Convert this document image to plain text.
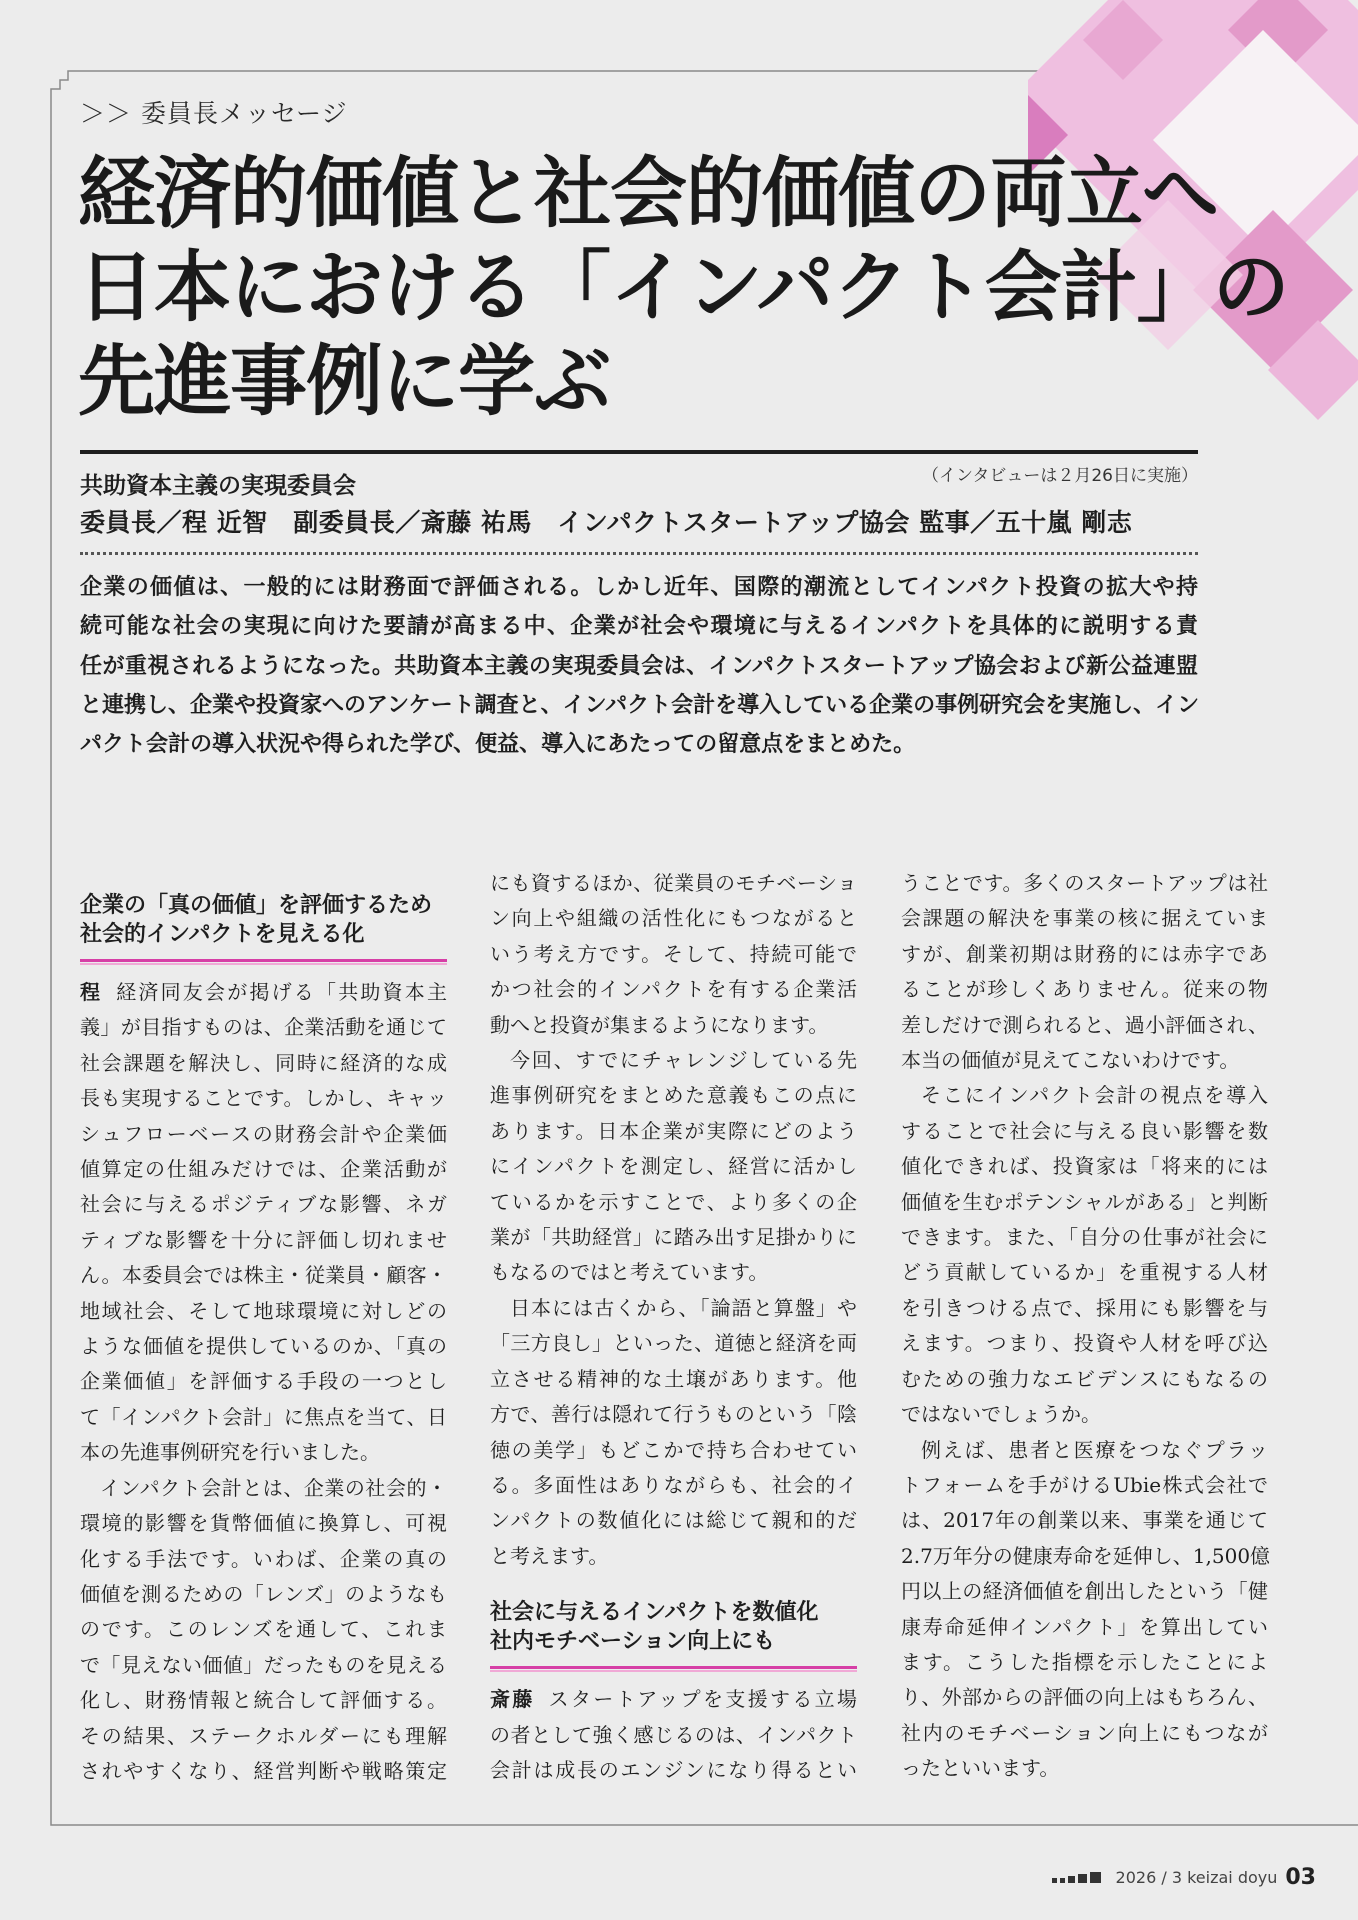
＞＞ 委員長メッセージ
経済的価値と社会的価値の両立へ
日本における「インパクト会計」の
先進事例に学ぶ
共助資本主義の実現委員会	（インタビューは２月26日に実施）
委員長／程 近智　副委員長／斎藤 祐馬　インパクトスタートアップ協会 監事／五十嵐 剛志
企業の価値は、一般的には財務面で評価される。しかし近年、国際的潮流としてインパクト投資の拡大や持
続可能な社会の実現に向けた要請が高まる中、企業が社会や環境に与えるインパクトを具体的に説明する責
任が重視されるようになった。共助資本主義の実現委員会は、インパクトスタートアップ協会および新公益連盟
と連携し、企業や投資家へのアンケート調査と、インパクト会計を導入している企業の事例研究会を実施し、イン
パクト会計の導入状況や得られた学び、便益、導入にあたっての留意点をまとめた。
企業の「真の価値」を評価するため
社会的インパクトを見える化
程 経済同友会が掲げる「共助資本主
義」が目指すものは、企業活動を通じて
社会課題を解決し、同時に経済的な成
長も実現することです。しかし、キャッ
シュフローベースの財務会計や企業価
値算定の仕組みだけでは、企業活動が
社会に与えるポジティブな影響、ネガ
ティブな影響を十分に評価し切れませ
ん。本委員会では株主・従業員・顧客・
地域社会、そして地球環境に対しどの
ような価値を提供しているのか、「真の
企業価値」を評価する手段の一つとし
て「インパクト会計」に焦点を当て、日
本の先進事例研究を行いました。
インパクト会計とは、企業の社会的・
環境的影響を貨幣価値に換算し、可視
化する手法です。いわば、企業の真の
価値を測るための「レンズ」のようなも
のです。このレンズを通して、これま
で「見えない価値」だったものを見える
化し、財務情報と統合して評価する。
その結果、ステークホルダーにも理解
されやすくなり、経営判断や戦略策定
にも資するほか、従業員のモチベーショ
ン向上や組織の活性化にもつながると
いう考え方です。そして、持続可能で
かつ社会的インパクトを有する企業活
動へと投資が集まるようになります。
今回、すでにチャレンジしている先
進事例研究をまとめた意義もこの点に
あります。日本企業が実際にどのよう
にインパクトを測定し、経営に活かし
ているかを示すことで、より多くの企
業が「共助経営」に踏み出す足掛かりに
もなるのではと考えています。
日本には古くから、「論語と算盤」や
「三方良し」といった、道徳と経済を両
立させる精神的な土壌があります。他
方で、善行は隠れて行うものという「陰
徳の美学」もどこかで持ち合わせてい
る。多面性はありながらも、社会的イ
ンパクトの数値化には総じて親和的だ
と考えます。
社会に与えるインパクトを数値化
社内モチベーション向上にも
斎藤 スタートアップを支援する立場
の者として強く感じるのは、インパクト
会計は成長のエンジンになり得るとい
うことです。多くのスタートアップは社
会課題の解決を事業の核に据えていま
すが、創業初期は財務的には赤字であ
ることが珍しくありません。従来の物
差しだけで測られると、過小評価され、
本当の価値が見えてこないわけです。
そこにインパクト会計の視点を導入
することで社会に与える良い影響を数
値化できれば、投資家は「将来的には
価値を生むポテンシャルがある」と判断
できます。また、「自分の仕事が社会に
どう貢献しているか」を重視する人材
を引きつける点で、採用にも影響を与
えます。つまり、投資や人材を呼び込
むための強力なエビデンスにもなるの
ではないでしょうか。
例えば、患者と医療をつなぐプラッ
トフォームを手がけるUbie株式会社で
は、2017年の創業以来、事業を通じて
2.7万年分の健康寿命を延伸し、1,500億
円以上の経済価値を創出したという「健
康寿命延伸インパクト」を算出してい
ます。こうした指標を示したことによ
り、外部からの評価の向上はもちろん、
社内のモチベーション向上にもつなが
ったといいます。
2026 / 3
keizai doyu 03
